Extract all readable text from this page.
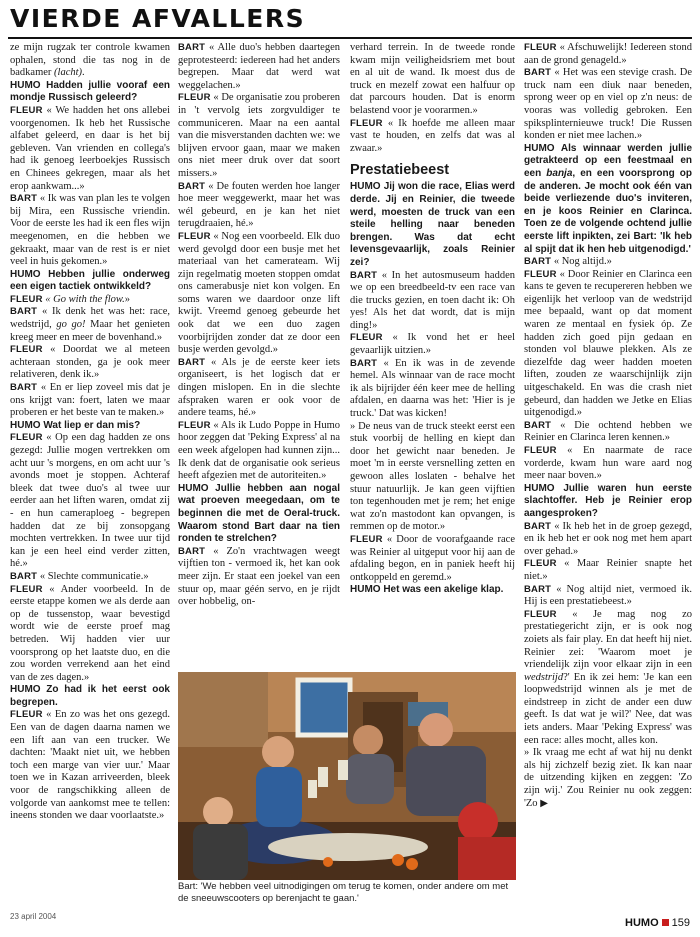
VIERDE AFVALLERS

ze mijn rugzak ter controle kwamen ophalen, stond die tas nog in de badkamer (lacht).

HUMO Hadden jullie vooraf een mondje Russisch geleerd?

FLEUR « We hadden het ons allebei voorgenomen. Ik heb het Russische alfabet geleerd, en daar is het bij gebleven. Van vrienden en collega's had ik genoeg leerboekjes Russisch en Chinees gekregen, maar als het erop aankwam...»

BART « Ik was van plan les te volgen bij Mira, een Russische vriendin. Voor de eerste les had ik een fles wijn meegenomen, en die hebben we gekraakt, maar van de rest is er niet veel in huis gekomen.»

HUMO Hebben jullie onderweg een eigen tactiek ontwikkeld?

FLEUR « Go with the flow.»

BART « Ik denk het was het: race, wedstrijd, go go! Maar het genieten kreeg meer en meer de bovenhand.»

FLEUR « Doordat we al meteen achteraan stonden, ga je ook meer relativeren, denk ik.»

BART « En er liep zoveel mis dat je ons krijgt van: foert, laten we maar proberen er het beste van te maken.»

HUMO Wat liep er dan mis?

FLEUR « Op een dag hadden ze ons gezegd: Jullie mogen vertrekken om acht uur 's morgens, en om acht uur 's avonds moet je stoppen. Achteraf bleek dat twee duo's al twee uur eerder aan het liften waren, omdat zij - en hun cameraploeg - begrepen hadden dat ze bij zonsopgang mochten vertrekken. In twee uur tijd kan je een heel eind verder zitten, hé.»

BART « Slechte communicatie.»

FLEUR « Ander voorbeeld. In de eerste etappe komen we als derde aan op de tussenstop, waar bevestigd wordt wie de eerste proef mag betreden. Wij hadden vier uur voorsprong op het laatste duo, en die zou worden verrekend aan het eind van de zes dagen.»

HUMO Zo had ik het eerst ook begrepen.

FLEUR « En zo was het ons gezegd. Een van de dagen daarna namen we een lift aan van een trucker. We dachten: 'Maakt niet uit, we hebben toch een marge van vier uur.' Maar toen we in Kazan arriveerden, bleek voor de rangschikking alleen de volgorde van aankomst mee te tellen: ineens stonden we daar voorlaatste.»

BART « Alle duo's hebben daartegen geprotesteerd: iedereen had het anders begrepen. Maar dat werd wat weggelachen.»

FLEUR « De organisatie zou proberen in 't vervolg iets zorgvuldiger te communiceren. Maar na een aantal van die misverstanden dachten we: we blijven ervoor gaan, maar we maken ons niet meer druk over dat soort missers.»

BART « De fouten werden hoe langer hoe meer weggewerkt, maar het was wél gebeurd, en je kan het niet terugdraaien, hé.»

FLEUR « Nog een voorbeeld. Elk duo werd gevolgd door een busje met het materiaal van het cameratеam. Wij zijn regelmatig moeten stoppen omdat ons camerabusje niet kon volgen. En soms waren we daardoor onze lift kwijt. Vreemd genoeg gebeurde het ook dat we een duo zagen voorbijrijden zonder dat ze door een busje werden gevolgd.»

BART « Als je de eerste keer iets organiseert, is het logisch dat er dingen mislopen. En in die slechte afspraken waren er ook voor de andere teams, hé.»

FLEUR « Als ik Ludo Poppe in Humo hoor zeggen dat 'Peking Express' al na een week afgelopen had kunnen zijn... Ik denk dat de organisatie ook serieus heeft afgezien met de autoriteiten.»

HUMO Jullie hebben aan nogal wat proeven meegedaan, om te beginnen die met de Oeral-truck. Waarom stond Bart daar na tien ronden te strelchen?

BART « Zo'n vrachtwagen weegt vijftien ton - vermoed ik, het kan ook meer zijn. Er staat een joekel van een stuur op, maar géén servo, en je rijdt over hobbelig, on-

verhard terrein. In de tweede ronde kwam mijn veiligheidsriem met bout en al uit de wand. Ik moest dus de truck en mezelf zowat een halfuur op dat parcours houden. Dat is enorm belastend voor je voorarmen.»

FLEUR « Ik hoefde me alleen maar vast te houden, en zelfs dat was al zwaar.»

Prestatiebeest

HUMO Jij won die race, Elias werd derde. Jij en Reinier, die tweede werd, moesten de truck van een steile helling naar beneden brengen. Was dat echt levensgevaarlijk, zoals Reinier zei?

BART « In het autosmuseum hadden we op een breedbeeld-tv een race van die trucks gezien, en toen dacht ik: Oh yes! Als het dat wordt, dat is mijn ding!»

FLEUR « Ik vond het er heel gevaarlijk uitzien.»

BART « En ik was in de zevende hemel. Als winnaar van de race mocht ik als bijrijder één keer mee de helling afdalen, en daarna was het: 'Hier is je truck.' Dat was kicken!

» De neus van de truck steekt eerst een stuk voorbij de helling en kiept dan door het gewicht naar beneden. Je moet 'm in eerste versnelling zetten en gewoon alles loslaten - behalve het stuur natuurlijk. Je kan geen vijftien ton tegenhouden met je rem; het enige wat zo'n mastodont kan opvangen, is remmen op de motor.»

FLEUR « Door de voorafgaande race was Reinier al uitgeput voor hij aan de afdaling begon, en in paniek heeft hij ontkoppeld en geremd.»

HUMO Het was een akelige klap.

FLEUR « Afschuwelijk! Iedereen stond aan de grond genageld.»

BART « Het was een stevige crash. De truck nam een diuk naar beneden, sprong weer op en viel op z'n neus: de vooras was volledig gebroken. Een spiksplinternieuwe truck! Die Russen konden er niet mee lachen.»

HUMO Als winnaar werden jullie getrakteerd op een feestmaal en een banja, en een voorsprong op de anderen. Je mocht ook één van beide verliezende duo's inviteren, en je koos Reinier en Clarinca. Toen ze de volgende ochtend jullie eerste lift inpikten, zei Bart: 'Ik heb al spijt dat ik hen heb uitgenodigd.'

BART « Nog altijd.»

FLEUR « Door Reinier en Clarinca een kans te geven te recupereren hebben we eigenlijk het verloop van de wedstrijd mee bepaald, want op dat moment waren ze mentaal en fysiek óp. Ze hadden zich goed pijn gedaan en stonden vol blauwe plekken. Als ze diezelfde dag weer hadden moeten liften, zouden ze waarschijnlijk zijn uitgeschakeld. En was die crash niet gebeurd, dan hadden we Jetke en Elias uitgenodigd.»

BART « Die ochtend hebben we Reinier en Clarinca leren kennen.»

FLEUR « En naarmate de race vorderde, kwam hun ware aard nog meer naar boven.»

HUMO Jullie waren hun eerste slachtoffer. Heb je Reinier erop aangesproken?

BART « Ik heb het in de groep gezegd, en ik heb het er ook nog met hem apart over gehad.»

FLEUR « Maar Reinier snapte het niet.»

BART « Nog altijd niet, vermoed ik. Hij is een prestatiebeest.»

FLEUR « Je mag nog zo prestatiegericht zijn, er is ook nog zoiets als fair play. En dat heeft hij niet. Reinier zei: 'Waarom moet je vriendelijk zijn voor elkaar zijn in een wedstrijd?' En ik zei hem: 'Je kan een loopwedstrijd winnen als je met de eindstreep in zicht de ander een duw geeft. Is dat wat je wil?' Nee, dat was iets anders. Maar 'Peking Express' was een race: alles mocht, alles kon.

» Ik vraag me echt af wat hij nu denkt als hij zichzelf bezig ziet. Ik kan naar de uitzending kijken en zeggen: 'Zo zijn wij.' Zou Reinier nu ook zeggen: 'Zo ▶

Bart: 'We hebben veel uitnodigingen om terug te komen, onder andere om met de sneeuwscooters op berenjacht te gaan.'
23 april 2004
HUMO 159
